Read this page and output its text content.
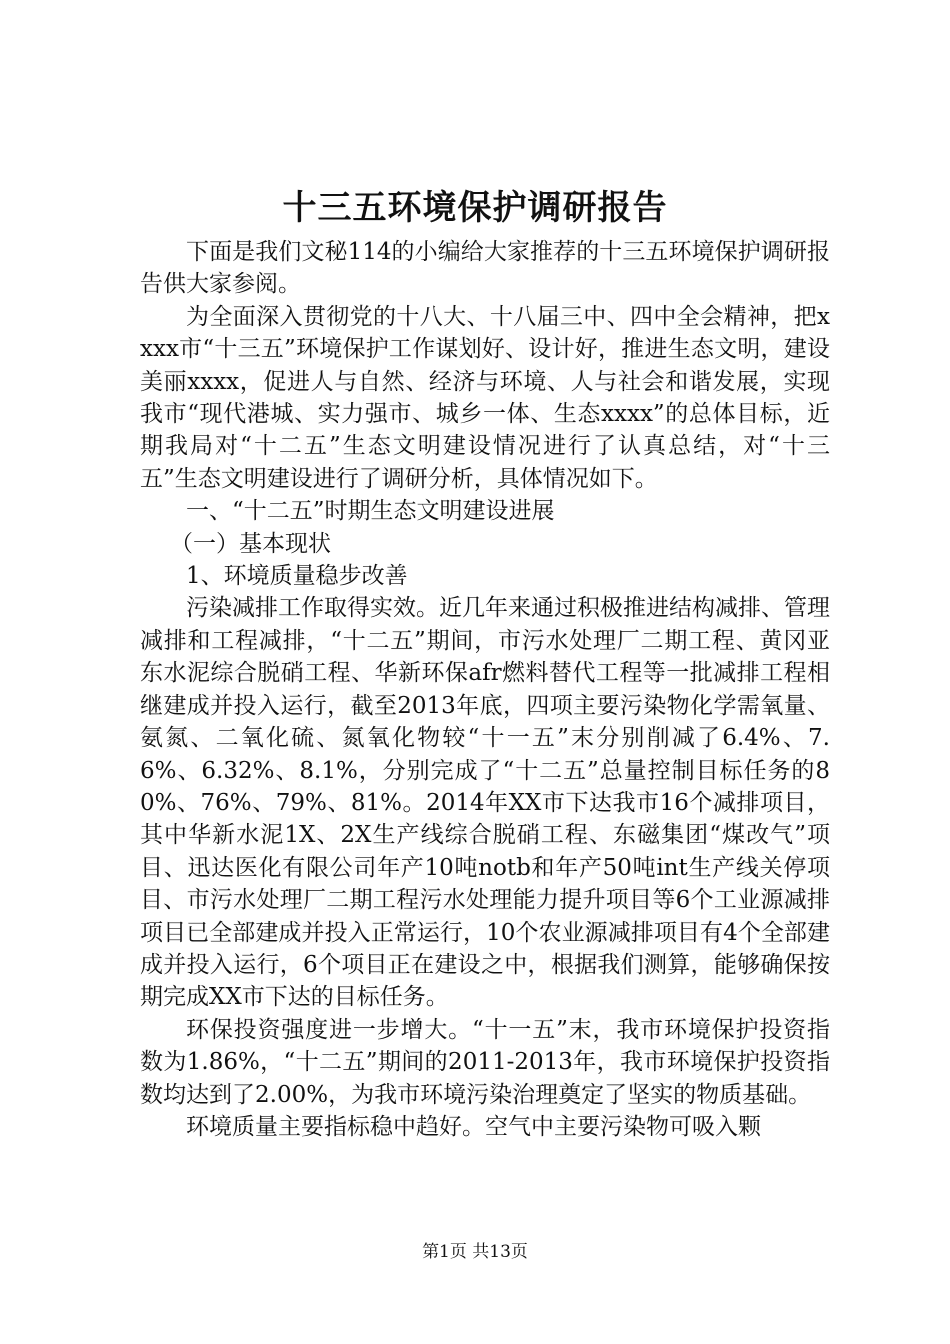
十三五环境保护调研报告

下面是我们文秘114的小编给大家推荐的十三五环境保护调研报告供大家参阅。

为全面深入贯彻党的十八大、十八届三中、四中全会精神，把xxxx市“十三五”环境保护工作谋划好、设计好，推进生态文明，建设美丽xxxx，促进人与自然、经济与环境、人与社会和谐发展，实现我市“现代港城、实力强市、城乡一体、生态xxxx”的总体目标，近期我局对“十二五”生态文明建设情况进行了认真总结，对“十三五”生态文明建设进行了调研分析，具体情况如下。

一、“十二五”时期生态文明建设进展

（一）基本现状

1、环境质量稳步改善

污染减排工作取得实效。近几年来通过积极推进结构减排、管理减排和工程减排，“十二五”期间，市污水处理厂二期工程、黄冈亚东水泥综合脱硝工程、华新环保afr燃料替代工程等一批减排工程相继建成并投入运行，截至2013年底，四项主要污染物化学需氧量、氨氮、二氧化硫、氮氧化物较“十一五”末分别削减了6.4%、7.6%、6.32%、8.1%，分别完成了“十二五”总量控制目标任务的80%、76%、79%、81%。2014年XX市下达我市16个减排项目，其中华新水泥1X、2X生产线综合脱硝工程、东磁集团“煤改气”项目、迅达医化有限公司年产10吨notb和年产50吨int生产线关停项目、市污水处理厂二期工程污水处理能力提升项目等6个工业源减排项目已全部建成并投入正常运行，10个农业源减排项目有4个全部建成并投入运行，6个项目正在建设之中，根据我们测算，能够确保按期完成XX市下达的目标任务。

环保投资强度进一步增大。“十一五”末，我市环境保护投资指数为1.86%，“十二五”期间的2011-2013年，我市环境保护投资指数均达到了2.00%，为我市环境污染治理奠定了坚实的物质基础。

环境质量主要指标稳中趋好。空气中主要污染物可吸入颗

第1页 共13页
